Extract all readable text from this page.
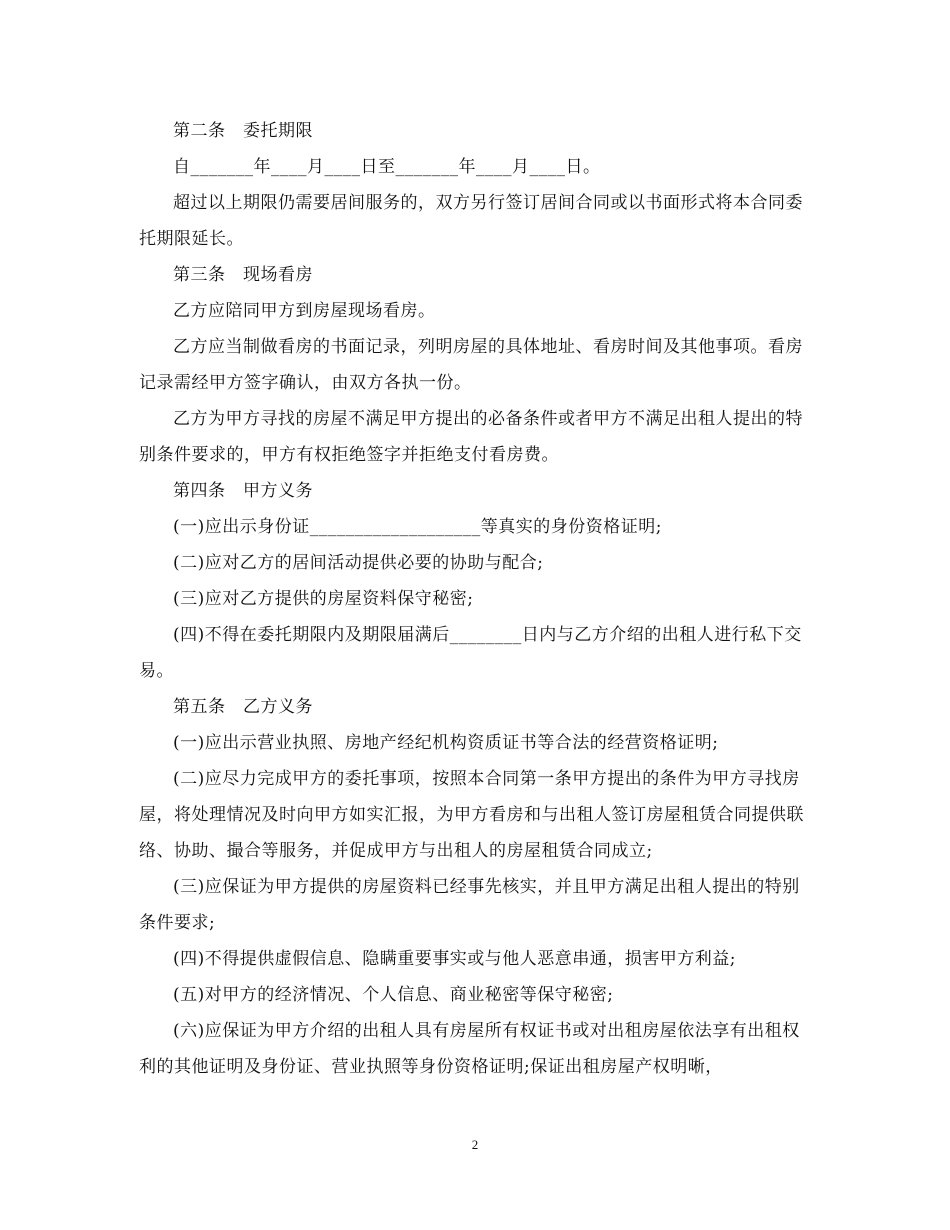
第二条　委托期限

自_______年____月____日至_______年____月____日。

超过以上期限仍需要居间服务的，双方另行签订居间合同或以书面形式将本合同委托期限延长。

第三条　现场看房

乙方应陪同甲方到房屋现场看房。

乙方应当制做看房的书面记录，列明房屋的具体地址、看房时间及其他事项。看房记录需经甲方签字确认，由双方各执一份。

乙方为甲方寻找的房屋不满足甲方提出的必备条件或者甲方不满足出租人提出的特别条件要求的，甲方有权拒绝签字并拒绝支付看房费。

第四条　甲方义务

(一)应出示身份证___________________等真实的身份资格证明;

(二)应对乙方的居间活动提供必要的协助与配合;

(三)应对乙方提供的房屋资料保守秘密;

(四)不得在委托期限内及期限届满后________日内与乙方介绍的出租人进行私下交易。

第五条　乙方义务

(一)应出示营业执照、房地产经纪机构资质证书等合法的经营资格证明;

(二)应尽力完成甲方的委托事项，按照本合同第一条甲方提出的条件为甲方寻找房屋，将处理情况及时向甲方如实汇报，为甲方看房和与出租人签订房屋租赁合同提供联络、协助、撮合等服务，并促成甲方与出租人的房屋租赁合同成立;

(三)应保证为甲方提供的房屋资料已经事先核实，并且甲方满足出租人提出的特别条件要求;

(四)不得提供虚假信息、隐瞒重要事实或与他人恶意串通，损害甲方利益;

(五)对甲方的经济情况、个人信息、商业秘密等保守秘密;

(六)应保证为甲方介绍的出租人具有房屋所有权证书或对出租房屋依法享有出租权利的其他证明及身份证、营业执照等身份资格证明;保证出租房屋产权明晰，

2
